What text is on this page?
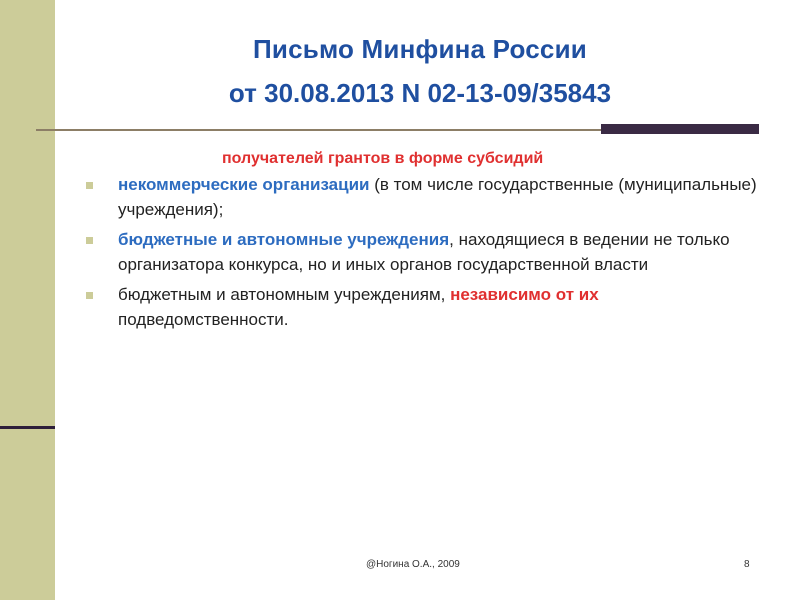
Письмо Минфина России
от 30.08.2013 N 02-13-09/35843
получателей грантов в форме субсидий
некоммерческие организации (в том числе государственные (муниципальные) учреждения);
бюджетные и автономные учреждения, находящиеся в ведении не только организатора конкурса, но и иных органов государственной власти
бюджетным и автономным учреждениям, независимо от их подведомственности.
@Ногина О.А., 2009	8
